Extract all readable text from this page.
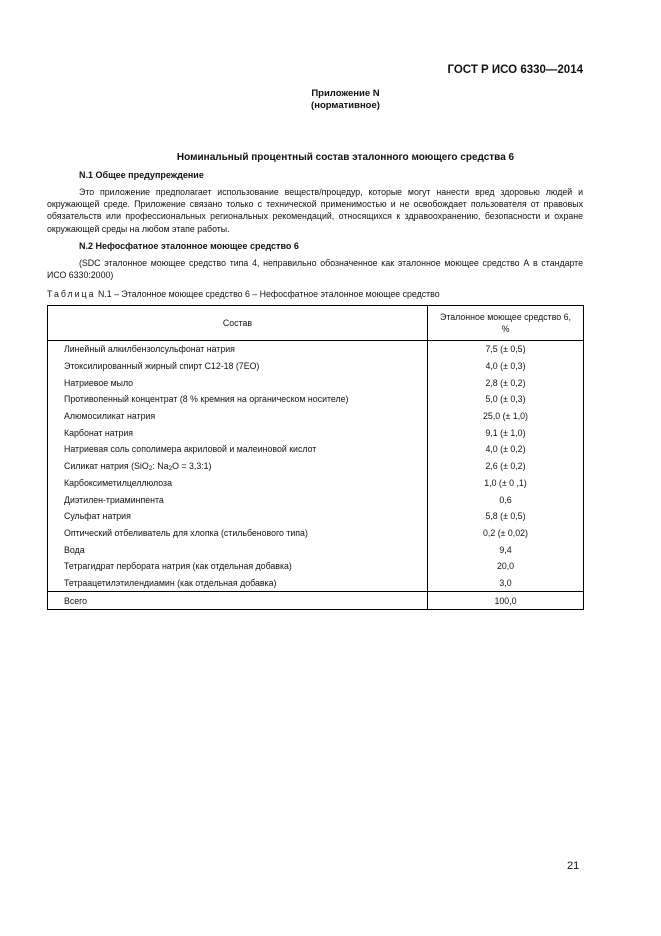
ГОСТ Р ИСО 6330—2014
Приложение N
(нормативное)
Номинальный процентный состав эталонного моющего средства 6
N.1 Общее предупреждение
Это приложение предполагает использование веществ/процедур, которые могут нанести вред здоровью людей и окружающей среде. Приложение связано только с технической применимостью и не освобождает пользователя от правовых обязательств или профессиональных региональных рекомендаций, относящихся к здравоохранению, безопасности и охране окружающей среды на любом этапе работы.
N.2 Нефосфатное эталонное моющее средство 6
(SDC эталонное моющее средство типа 4, неправильно обозначенное как эталонное моющее средство А в стандарте ИСО 6330:2000)
Таблица N.1 – Эталонное моющее средство 6 – Нефосфатное эталонное моющее средство
Состав	Эталонное моющее средство 6,
%
Линейный алкилбензолсульфонат натрия	7,5 (± 0,5)
Этоксилированный жирный спирт С12-18 (7ЕО)	4,0 (± 0,3)
Натриевое мыло	2,8 (± 0,2)
Противопенный концентрат (8 % кремния на органическом носителе)	5,0 (± 0,3)
Алюмосиликат натрия	25,0 (± 1,0)
Карбонат натрия	9,1 (± 1,0)
Натриевая соль сополимера акриловой и малеиновой кислот	4,0 (± 0,2)
Силикат натрия (SiO$_2$: $Na_2O$ = 3,3:1)	2,6 (± 0,2)
Карбоксиметилцеллюлоза	1,0 (± 0 ,1)
Диэтилен-триаминпента	0,6
Сульфат натрия	5,8 (± 0,5)
Оптический отбеливатель для хлопка (стильбенового типа)	0,2 (± 0,02)
Вода	9,4
Тетрагидрат пербората натрия (как отдельная добавка)	20,0
Тетраацетилэтилендиамин (как отдельная добавка)	3,0
Всего	100,0
21
